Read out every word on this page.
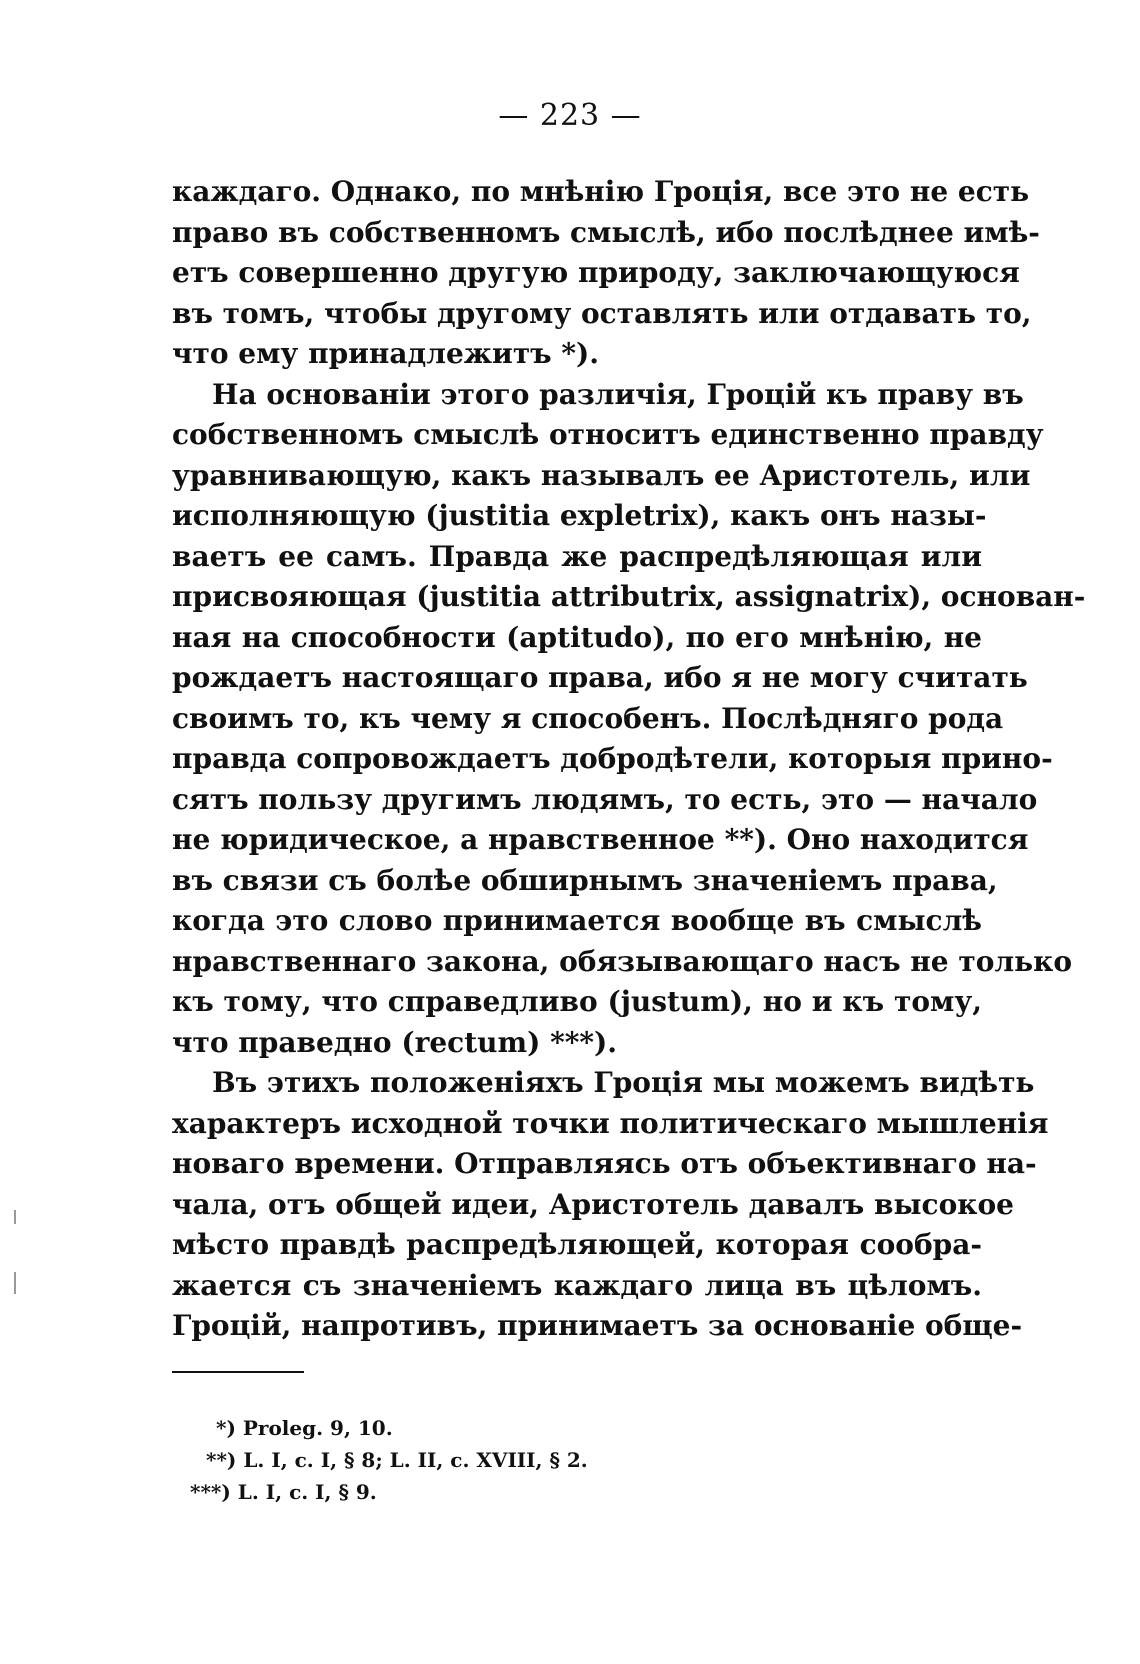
— 223 —
каждаго. Однако, по мнѣнію Гроція, все это не есть
право въ собственномъ смыслѣ, ибо послѣднее имѣ-
етъ совершенно другую природу, заключающуюся
въ томъ, чтобы другому оставлять или отдавать то,
что ему принадлежитъ *).
На основаніи этого различія, Гроцій къ праву въ
собственномъ смыслѣ относитъ единственно правду
уравнивающую, какъ называлъ ее Аристотель, или
исполняющую (justitia expletrix), какъ онъ назы-
ваетъ ее самъ. Правда же распредѣляющая или
присвояющая (justitia attributrix, assignatrix), основан-
ная на способности (aptitudo), по его мнѣнію, не
рождаетъ настоящаго права, ибо я не могу считать
своимъ то, къ чему я способенъ. Послѣдняго рода
правда сопровождаетъ добродѣтели, которыя прино-
сятъ пользу другимъ людямъ, то есть, это — начало
не юридическое, а нравственное **). Оно находится
въ связи съ болѣе обширнымъ значеніемъ права,
когда это слово принимается вообще въ смыслѣ
нравственнаго закона, обязывающаго насъ не только
къ тому, что справедливо (justum), но и къ тому,
что праведно (rectum) ***).
Въ этихъ положеніяхъ Гроція мы можемъ видѣть
характеръ исходной точки политическаго мышленія
новаго времени. Отправляясь отъ объективнаго на-
чала, отъ общей идеи, Аристотель давалъ высокое
мѣсто правдѣ распредѣляющей, которая сообра-
жается съ значеніемъ каждаго лица въ цѣломъ.
Гроцій, напротивъ, принимаетъ за основаніе обще-
*) Proleg. 9, 10.
**) L. I, c. I, § 8; L. II, c. XVIII, § 2.
***) L. I, c. I, § 9.
